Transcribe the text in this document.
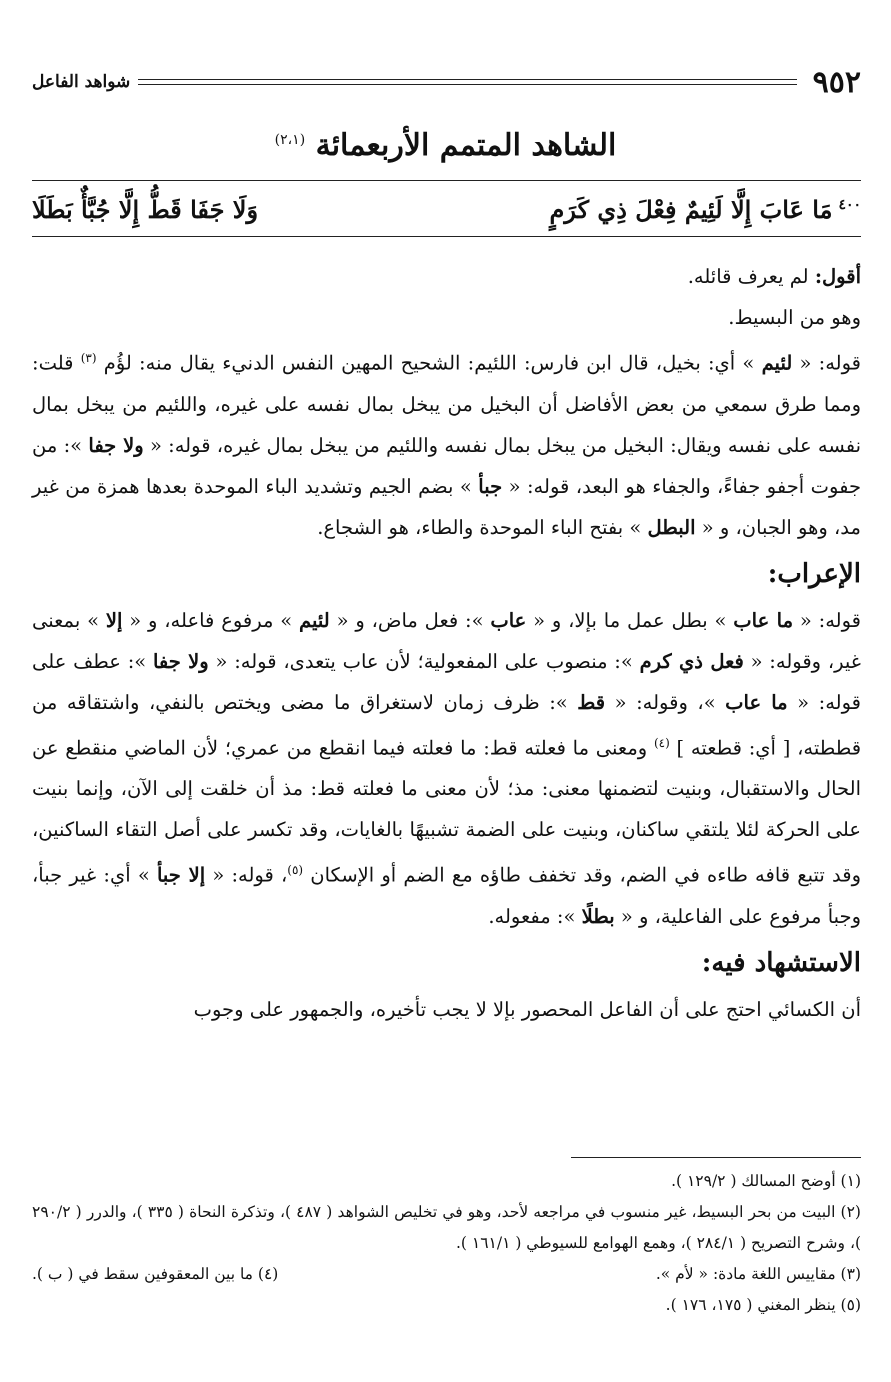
٩٥٢
شواهد الفاعل
الشاهد المتمم الأربعمائة $^{(٢،١)}$
$^{٤٠٠}$مَا عَابَ إِلَّا لَئِيمٌ فِعْلَ ذِي كَرَمٍ
وَلَا جَفَا قَطُّ إِلَّا جُبَّأٌ بَطَلَا

أقول: لم يعرف قائله.

وهو من البسيط.

قوله: « لئيم » أي: بخيل، قال ابن فارس: اللئيم: الشحيح المهين النفس الدنيء يقال منه: لؤُم $^{(٣)}$ قلت: ومما طرق سمعي من بعض الأفاضل أن البخيل من يبخل بمال نفسه على غيره، واللئيم من يبخل بمال نفسه على نفسه ويقال: البخيل من يبخل بمال نفسه واللئيم من يبخل بمال غيره، قوله: « ولا جفا »: من جفوت أجفو جفاءً، والجفاء هو البعد، قوله: « جبأ » بضم الجيم وتشديد الباء الموحدة بعدها همزة من غير مد، وهو الجبان، و « البطل » بفتح الباء الموحدة والطاء، هو الشجاع.

الإعراب:

قوله: « ما عاب » بطل عمل ما بإلا، و « عاب »: فعل ماض، و « لئيم » مرفوع فاعله، و « إلا » بمعنى غير، وقوله: « فعل ذي كرم »: منصوب على المفعولية؛ لأن عاب يتعدى، قوله: « ولا جفا »: عطف على قوله: « ما عاب »، وقوله: « قط »: ظرف زمان لاستغراق ما مضى ويختص بالنفي، واشتقاقه من قططته، [ أي: قطعته ] $^{(٤)}$ ومعنى ما فعلته قط: ما فعلته فيما انقطع من عمري؛ لأن الماضي منقطع عن الحال والاستقبال، وبنيت لتضمنها معنى: مذ؛ لأن معنى ما فعلته قط: مذ أن خلقت إلى الآن، وإنما بنيت على الحركة لئلا يلتقي ساكنان، وبنيت على الضمة تشبيهًا بالغايات، وقد تكسر على أصل التقاء الساكنين، وقد تتبع قافه طاءه في الضم، وقد تخفف طاؤه مع الضم أو الإسكان $^{(٥)}$، قوله: « إلا جبأ » أي: غير جبأ، وجبأ مرفوع على الفاعلية، و « بطلًا »: مفعوله.

الاستشهاد فيه:

أن الكسائي احتج على أن الفاعل المحصور بإلا لا يجب تأخيره، والجمهور على وجوب

(١) أوضح المسالك ( ١٢٩/٢ ).

(٢) البيت من بحر البسيط، غير منسوب في مراجعه لأحد، وهو في تخليص الشواهد ( ٤٨٧ )، وتذكرة النحاة ( ٣٣٥ )، والدرر ( ٢٩٠/٢ )، وشرح التصريح ( ٢٨٤/١ )، وهمع الهوامع للسيوطي ( ١٦١/١ ).

(٣) مقاييس اللغة مادة: « لأم ».
(٤) ما بين المعقوفين سقط في ( ب ).

(٥) ينظر المغني ( ١٧٥، ١٧٦ ).
